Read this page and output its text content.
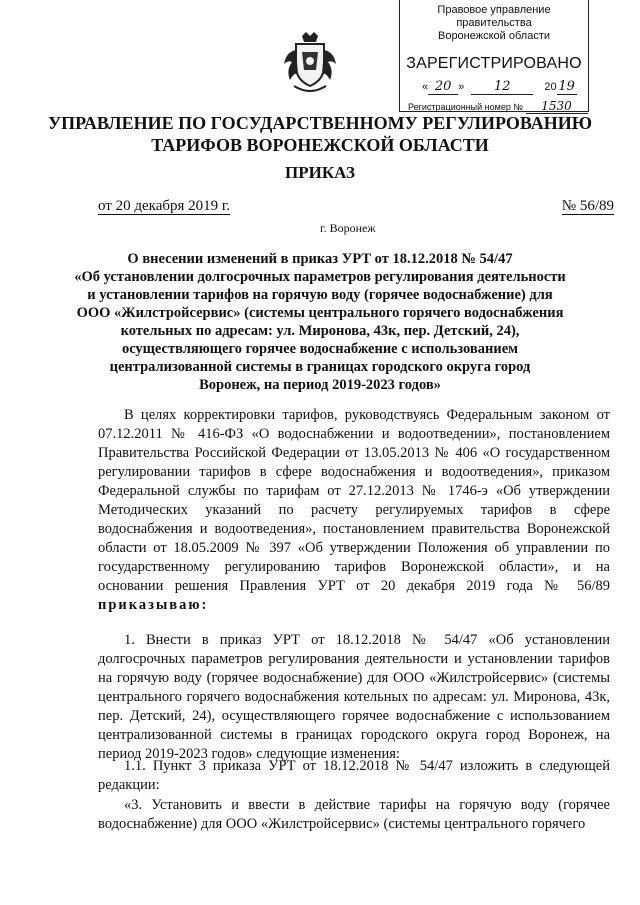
Правовое управление правительства
Воронежской области
ЗАРЕГИСТРИРОВАНО
« 20 » 12	20 19
Регистрационный номер № 1530
УПРАВЛЕНИЕ ПО ГОСУДАРСТВЕННОМУ РЕГУЛИРОВАНИЮ
ТАРИФОВ ВОРОНЕЖСКОЙ ОБЛАСТИ
ПРИКАЗ
от 20 декабря 2019 г.	№ 56/89
г. Воронеж
О внесении изменений в приказ УРТ от 18.12.2018 № 54/47
«Об установлении долгосрочных параметров регулирования деятельности
и установлении тарифов на горячую воду (горячее водоснабжение) для
ООО «Жилстройсервис» (системы центрального горячего водоснабжения
котельных по адресам: ул. Миронова, 43к, пер. Детский, 24),
осуществляющего горячее водоснабжение с использованием
централизованной системы в границах городского округа город
Воронеж, на период 2019-2023 годов»

В целях корректировки тарифов, руководствуясь Федеральным законом от 07.12.2011 № 416-ФЗ «О водоснабжении и водоотведении», постановлением Правительства Российской Федерации от 13.05.2013 № 406 «О государственном регулировании тарифов в сфере водоснабжения и водоотведения», приказом Федеральной службы по тарифам от 27.12.2013 № 1746-э «Об утверждении Методических указаний по расчету регулируемых тарифов в сфере водоснабжения и водоотведения», постановлением правительства Воронежской области от 18.05.2009 № 397 «Об утверждении Положения об управлении по государственному регулированию тарифов Воронежской области», и на основании решения Правления УРТ от 20 декабря 2019 года № 56/89 приказываю:

1. Внести в приказ УРТ от 18.12.2018 № 54/47 «Об установлении долгосрочных параметров регулирования деятельности и установлении тарифов на горячую воду (горячее водоснабжение) для ООО «Жилстройсервис» (системы центрального горячего водоснабжения котельных по адресам: ул. Миронова, 43к, пер. Детский, 24), осуществляющего горячее водоснабжение с использованием централизованной системы в границах городского округа город Воронеж, на период 2019-2023 годов» следующие изменения:

1.1. Пункт 3 приказа УРТ от 18.12.2018 № 54/47 изложить в следующей редакции:

«3. Установить и ввести в действие тарифы на горячую воду (горячее водоснабжение) для ООО «Жилстройсервис» (системы центрального горячего
